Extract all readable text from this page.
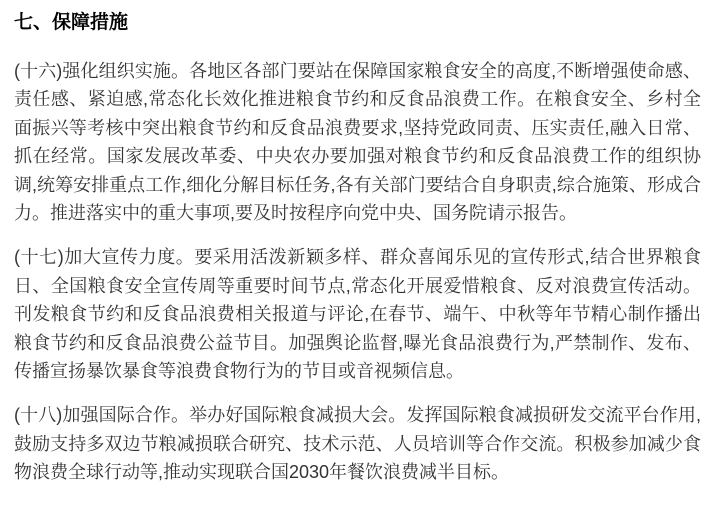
七、保障措施

(十六)强化组织实施。各地区各部门要站在保障国家粮食安全的高度,不断增强使命感、责任感、紧迫感,常态化长效化推进粮食节约和反食品浪费工作。在粮食安全、乡村全面振兴等考核中突出粮食节约和反食品浪费要求,坚持党政同责、压实责任,融入日常、抓在经常。国家发展改革委、中央农办要加强对粮食节约和反食品浪费工作的组织协调,统筹安排重点工作,细化分解目标任务,各有关部门要结合自身职责,综合施策、形成合力。推进落实中的重大事项,要及时按程序向党中央、国务院请示报告。

(十七)加大宣传力度。要采用活泼新颖多样、群众喜闻乐见的宣传形式,结合世界粮食日、全国粮食安全宣传周等重要时间节点,常态化开展爱惜粮食、反对浪费宣传活动。刊发粮食节约和反食品浪费相关报道与评论,在春节、端午、中秋等年节精心制作播出粮食节约和反食品浪费公益节目。加强舆论监督,曝光食品浪费行为,严禁制作、发布、传播宣扬暴饮暴食等浪费食物行为的节目或音视频信息。

(十八)加强国际合作。举办好国际粮食减损大会。发挥国际粮食减损研发交流平台作用,鼓励支持多双边节粮减损联合研究、技术示范、人员培训等合作交流。积极参加减少食物浪费全球行动等,推动实现联合国2030年餐饮浪费减半目标。
